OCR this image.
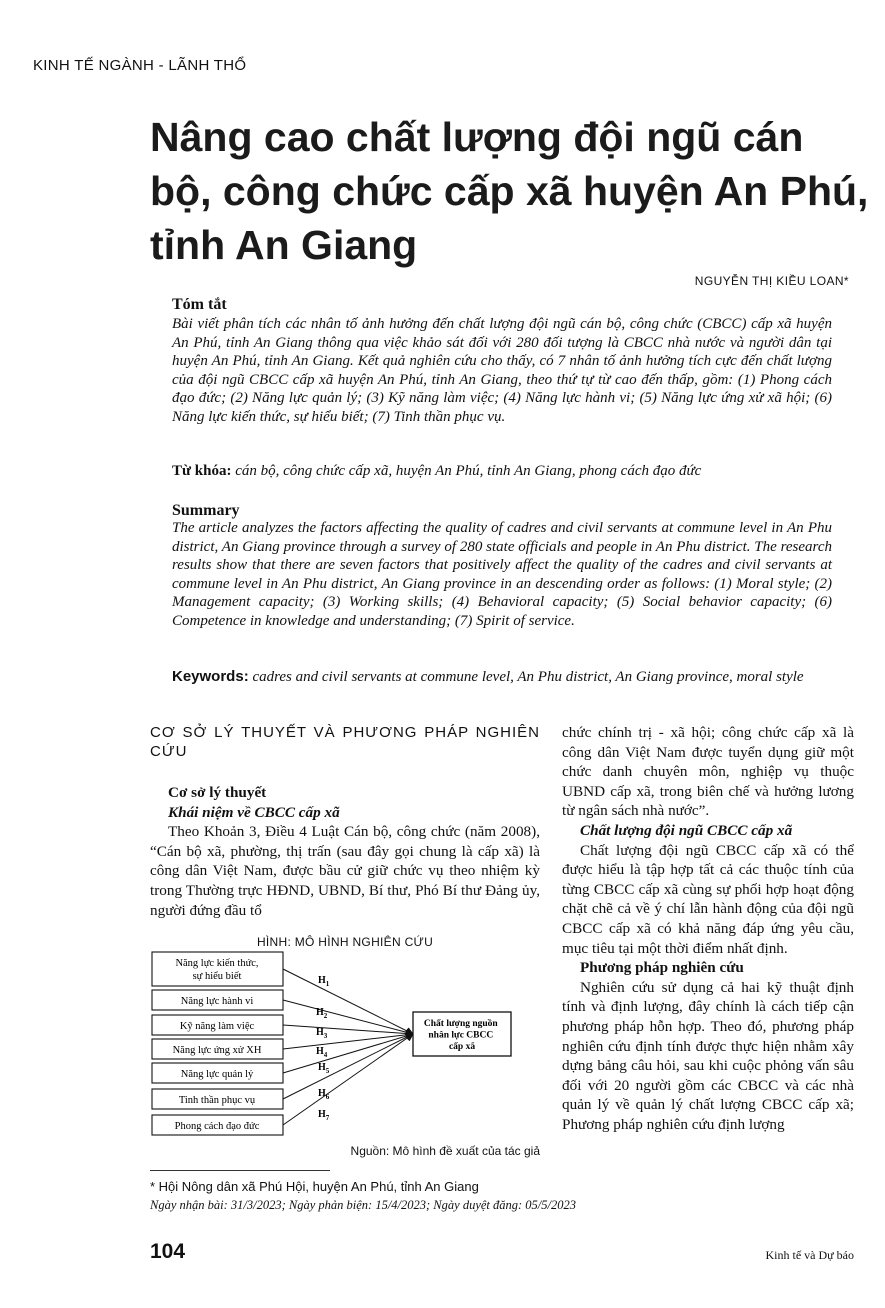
KINH TẾ NGÀNH - LÃNH THỔ
Nâng cao chất lượng đội ngũ cán bộ, công chức cấp xã huyện An Phú, tỉnh An Giang
NGUYỄN THỊ KIỀU LOAN*
Tóm tắt
Bài viết phân tích các nhân tố ảnh hưởng đến chất lượng đội ngũ cán bộ, công chức (CBCC) cấp xã huyện An Phú, tỉnh An Giang thông qua việc khảo sát đối với 280 đối tượng là CBCC nhà nước và người dân tại huyện An Phú, tỉnh An Giang. Kết quả nghiên cứu cho thấy, có 7 nhân tố ảnh hưởng tích cực đến chất lượng của đội ngũ CBCC cấp xã huyện An Phú, tỉnh An Giang, theo thứ tự từ cao đến thấp, gồm: (1) Phong cách đạo đức; (2) Năng lực quản lý; (3) Kỹ năng làm việc; (4) Năng lực hành vi; (5) Năng lực ứng xử xã hội; (6) Năng lực kiến thức, sự hiểu biết; (7) Tinh thần phục vụ.
Từ khóa: cán bộ, công chức cấp xã, huyện An Phú, tỉnh An Giang, phong cách đạo đức
Summary
The article analyzes the factors affecting the quality of cadres and civil servants at commune level in An Phu district, An Giang province through a survey of 280 state officials and people in An Phu district. The research results show that there are seven factors that positively affect the quality of the cadres and civil servants at commune level in An Phu district, An Giang province in an descending order as follows: (1) Moral style; (2) Management capacity; (3) Working skills; (4) Behavioral capacity; (5) Social behavior capacity; (6) Competence in knowledge and understanding; (7) Spirit of service.
Keywords: cadres and civil servants at commune level, An Phu district, An Giang province, moral style
CƠ SỞ LÝ THUYẾT VÀ PHƯƠNG PHÁP NGHIÊN CỨU

Cơ sở lý thuyết

Khái niệm về CBCC cấp xã

Theo Khoản 3, Điều 4 Luật Cán bộ, công chức (năm 2008), “Cán bộ xã, phường, thị trấn (sau đây gọi chung là cấp xã) là công dân Việt Nam, được bầu cử giữ chức vụ theo nhiệm kỳ trong Thường trực HĐND, UBND, Bí thư, Phó Bí thư Đảng ủy, người đứng đầu tổ

HÌNH: MÔ HÌNH NGHIÊN CỨU
Năng lực kiến thức, sự hiểu biết
Năng lực hành vi
Kỹ năng làm việc
Năng lực ứng xử XH
Năng lực quản lý
Tinh thần phục vụ
Phong cách đạo đức
$H_1$
$H_2$
$H_3$
$H_4$
$H_5$
$H_6$
$H_7$
Chất lượng nguồn nhân lực CBCC cấp xã
Nguồn: Mô hình đề xuất của tác giả

chức chính trị - xã hội; công chức cấp xã là công dân Việt Nam được tuyển dụng giữ một chức danh chuyên môn, nghiệp vụ thuộc UBND cấp xã, trong biên chế và hưởng lương từ ngân sách nhà nước”.

Chất lượng đội ngũ CBCC cấp xã

Chất lượng đội ngũ CBCC cấp xã có thể được hiểu là tập hợp tất cả các thuộc tính của từng CBCC cấp xã cùng sự phối hợp hoạt động chặt chẽ cả về ý chí lẫn hành động của đội ngũ CBCC cấp xã có khả năng đáp ứng yêu cầu, mục tiêu tại một thời điểm nhất định.

Phương pháp nghiên cứu

Nghiên cứu sử dụng cả hai kỹ thuật định tính và định lượng, đây chính là cách tiếp cận phương pháp hỗn hợp. Theo đó, phương pháp nghiên cứu định tính được thực hiện nhằm xây dựng bảng câu hỏi, sau khi cuộc phỏng vấn sâu đối với 20 người gồm các CBCC và các nhà quản lý về quản lý chất lượng CBCC cấp xã; Phương pháp nghiên cứu định lượng

* Hội Nông dân xã Phú Hội, huyện An Phú, tỉnh An Giang
Ngày nhận bài: 31/3/2023; Ngày phản biện: 15/4/2023; Ngày duyệt đăng: 05/5/2023
104	Kinh tế và Dự báo
